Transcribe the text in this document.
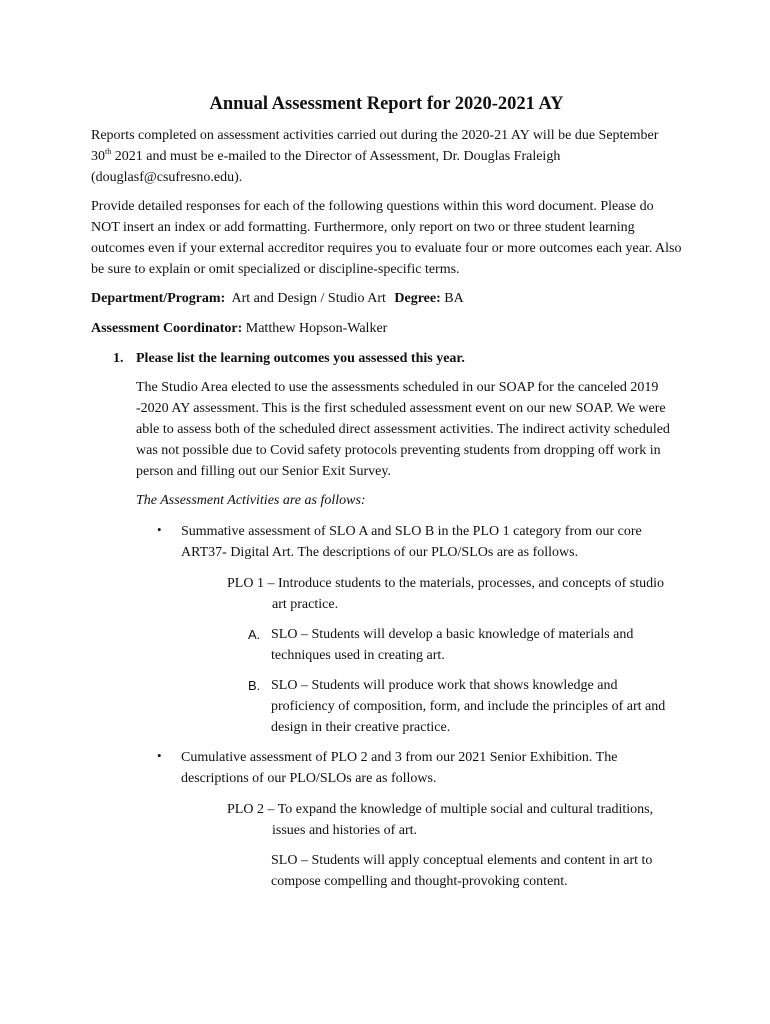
Annual Assessment Report for 2020-2021 AY

Reports completed on assessment activities carried out during the 2020-21 AY will be due September 30th 2021 and must be e-mailed to the Director of Assessment, Dr. Douglas Fraleigh (douglasf@csufresno.edu).

Provide detailed responses for each of the following questions within this word document. Please do NOT insert an index or add formatting. Furthermore, only report on two or three student learning outcomes even if your external accreditor requires you to evaluate four or more outcomes each year. Also be sure to explain or omit specialized or discipline-specific terms.

Department/Program: Art and Design / Studio Art Degree: BA

Assessment Coordinator: Matthew Hopson-Walker

1. Please list the learning outcomes you assessed this year.

The Studio Area elected to use the assessments scheduled in our SOAP for the canceled 2019 -2020 AY assessment. This is the first scheduled assessment event on our new SOAP. We were able to assess both of the scheduled direct assessment activities. The indirect activity scheduled was not possible due to Covid safety protocols preventing students from dropping off work in person and filling out our Senior Exit Survey.

The Assessment Activities are as follows:

• Summative assessment of SLO A and SLO B in the PLO 1 category from our core ART37- Digital Art. The descriptions of our PLO/SLOs are as follows.

PLO 1 – Introduce students to the materials, processes, and concepts of studio art practice.

A. SLO – Students will develop a basic knowledge of materials and techniques used in creating art.
B. SLO – Students will produce work that shows knowledge and proficiency of composition, form, and include the principles of art and design in their creative practice.
• Cumulative assessment of PLO 2 and 3 from our 2021 Senior Exhibition. The descriptions of our PLO/SLOs are as follows.

PLO 2 – To expand the knowledge of multiple social and cultural traditions, issues and histories of art.

SLO – Students will apply conceptual elements and content in art to compose compelling and thought-provoking content.
